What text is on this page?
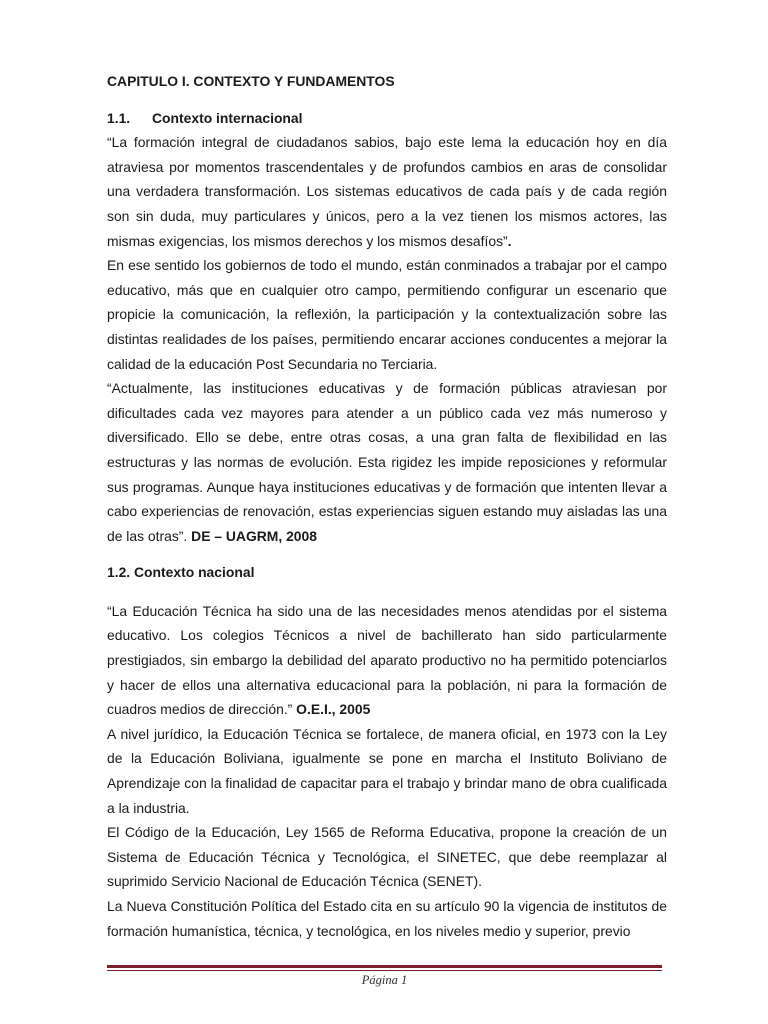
CAPITULO I. CONTEXTO Y FUNDAMENTOS

1.1. Contexto internacional

“La formación integral de ciudadanos sabios, bajo este lema la educación hoy en día atraviesa por momentos trascendentales y de profundos cambios en aras de consolidar una verdadera transformación. Los sistemas educativos de cada país y de cada región son sin duda, muy particulares y únicos, pero a la vez tienen los mismos actores, las mismas exigencias, los mismos derechos y los mismos desafíos”.

En ese sentido los gobiernos de todo el mundo, están conminados a trabajar por el campo educativo, más que en cualquier otro campo, permitiendo configurar un escenario que propicie la comunicación, la reflexión, la participación y la contextualización sobre las distintas realidades de los países, permitiendo encarar acciones conducentes a mejorar la calidad de la educación Post Secundaria no Terciaria.

“Actualmente, las instituciones educativas y de formación públicas atraviesan por dificultades cada vez mayores para atender a un público cada vez más numeroso y diversificado. Ello se debe, entre otras cosas, a una gran falta de flexibilidad en las estructuras y las normas de evolución. Esta rigidez les impide reposiciones y reformular sus programas. Aunque haya instituciones educativas y de formación que intenten llevar a cabo experiencias de renovación, estas experiencias siguen estando muy aisladas las una de las otras”. DE – UAGRM, 2008

1.2. Contexto nacional

“La Educación Técnica ha sido una de las necesidades menos atendidas por el sistema educativo. Los colegios Técnicos a nivel de bachillerato han sido particularmente prestigiados, sin embargo la debilidad del aparato productivo no ha permitido potenciarlos y hacer de ellos una alternativa educacional para la población, ni para la formación de cuadros medios de dirección.” O.E.I., 2005

A nivel jurídico, la Educación Técnica se fortalece, de manera oficial, en 1973 con la Ley de la Educación Boliviana, igualmente se pone en marcha el Instituto Boliviano de Aprendizaje con la finalidad de capacitar para el trabajo y brindar mano de obra cualificada a la industria.

El Código de la Educación, Ley 1565 de Reforma Educativa, propone la creación de un Sistema de Educación Técnica y Tecnológica, el SINETEC, que debe reemplazar al suprimido Servicio Nacional de Educación Técnica (SENET).

La Nueva Constitución Política del Estado cita en su artículo 90 la vigencia de institutos de formación humanística, técnica, y tecnológica, en los niveles medio y superior, previo

Página 1
